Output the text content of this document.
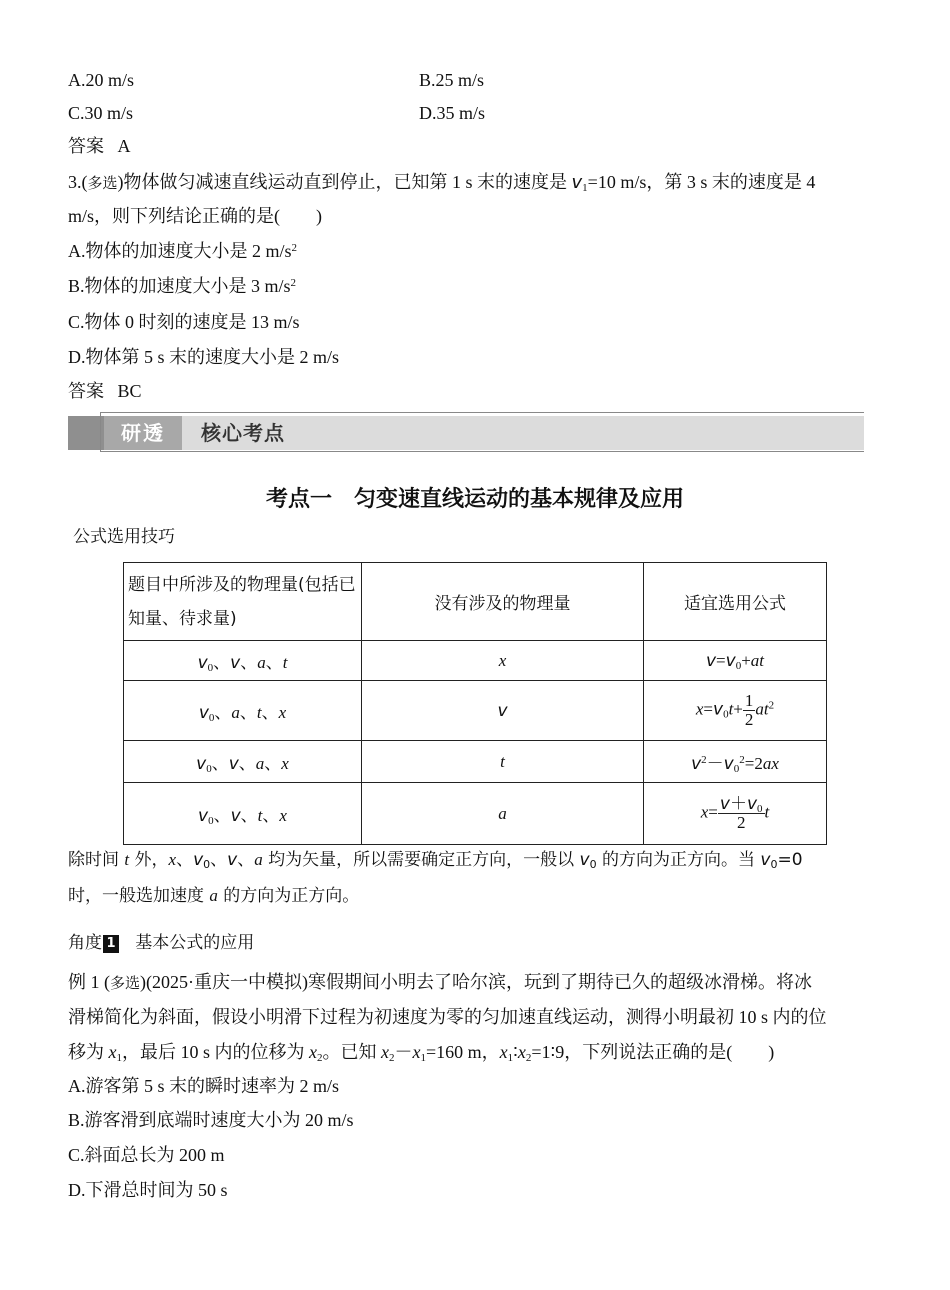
A.20 m/s	B.25 m/s
C.30 m/s	D.35 m/s
答案 A
3.(多选)物体做匀减速直线运动直到停止，已知第 1 s 末的速度是 $v_1=10$ m/s，第 3 s 末的速度是 4
m/s，则下列结论正确的是(　　)
A.物体的加速度大小是 2 $m/s^2$
B.物体的加速度大小是 3 $m/s^2$
C.物体 0 时刻的速度是 13 m/s
D.物体第 5 s 末的速度大小是 2 m/s
答案 BC
研透	核心考点
考点一　匀变速直线运动的基本规律及应用
公式选用技巧
题目中所涉及的物理量(包括已知量、待求量)	没有涉及的物理量	适宜选用公式
$v_0$、v、a、t	x	$v=v_0+at$
$v_0$、a、t、x	v	$x=v_0t+ \frac{1}{2} at^2$
$v_0$、v、a、x	t	$v^2-v_0^2=2ax$
$v_0$、v、t、x	a	$x= \frac{v+v_0}{2}$ t
除时间 t 外，x、$v_0$、v、a 均为矢量，所以需要确定正方向，一般以 $v_0$ 的方向为正方向。当 $v_0=0$
时，一般选加速度 a 的方向为正方向。
角度 1 基本公式的应用
例 1 (多选)(2025·重庆一中模拟)寒假期间小明去了哈尔滨，玩到了期待已久的超级冰滑梯。将冰
滑梯简化为斜面，假设小明滑下过程为初速度为零的匀加速直线运动，测得小明最初 10 s 内的位
移为 $x_1$，最后 10 s 内的位移为 $x_2$。已知 $x_2-x_1=160$ m，$x_1∶x_2=1∶9$，下列说法正确的是(　　)
A.游客第 5 s 末的瞬时速率为 2 m/s
B.游客滑到底端时速度大小为 20 m/s
C.斜面总长为 200 m
D.下滑总时间为 50 s
